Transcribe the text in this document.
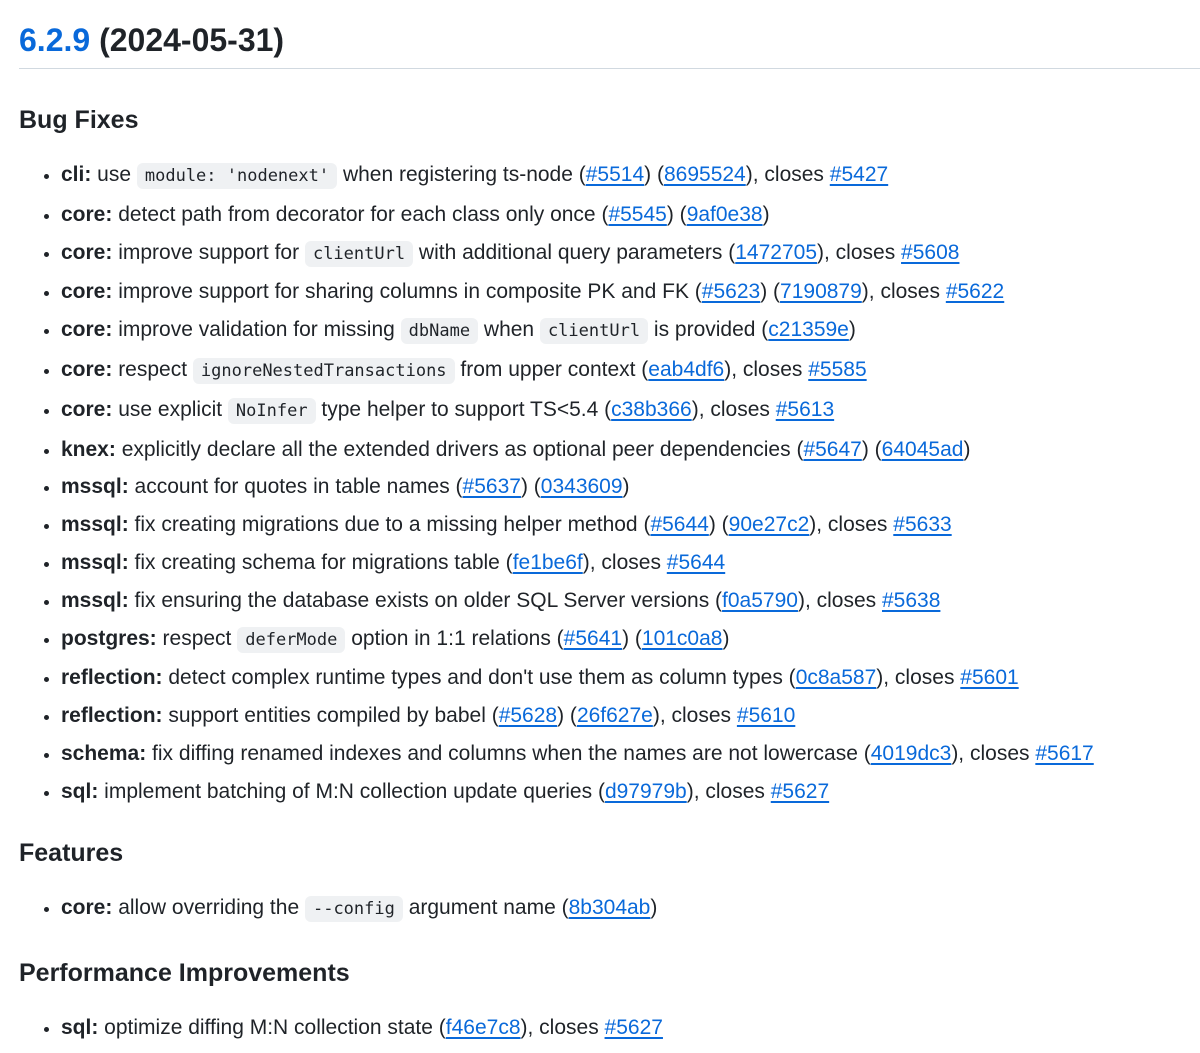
6.2.9 (2024-05-31)
Bug Fixes
• cli: use module: 'nodenext' when registering ts-node (#5514) (8695524), closes #5427
• core: detect path from decorator for each class only once (#5545) (9af0e38)
• core: improve support for clientUrl with additional query parameters (1472705), closes #5608
• core: improve support for sharing columns in composite PK and FK (#5623) (7190879), closes #5622
• core: improve validation for missing dbName when clientUrl is provided (c21359e)
• core: respect ignoreNestedTransactions from upper context (eab4df6), closes #5585
• core: use explicit NoInfer type helper to support TS<5.4 (c38b366), closes #5613
• knex: explicitly declare all the extended drivers as optional peer dependencies (#5647) (64045ad)
• mssql: account for quotes in table names (#5637) (0343609)
• mssql: fix creating migrations due to a missing helper method (#5644) (90e27c2), closes #5633
• mssql: fix creating schema for migrations table (fe1be6f), closes #5644
• mssql: fix ensuring the database exists on older SQL Server versions (f0a5790), closes #5638
• postgres: respect deferMode option in 1:1 relations (#5641) (101c0a8)
• reflection: detect complex runtime types and don't use them as column types (0c8a587), closes #5601
• reflection: support entities compiled by babel (#5628) (26f627e), closes #5610
• schema: fix diffing renamed indexes and columns when the names are not lowercase (4019dc3), closes #5617
• sql: implement batching of M:N collection update queries (d97979b), closes #5627
Features
• core: allow overriding the --config argument name (8b304ab)
Performance Improvements
• sql: optimize diffing M:N collection state (f46e7c8), closes #5627
